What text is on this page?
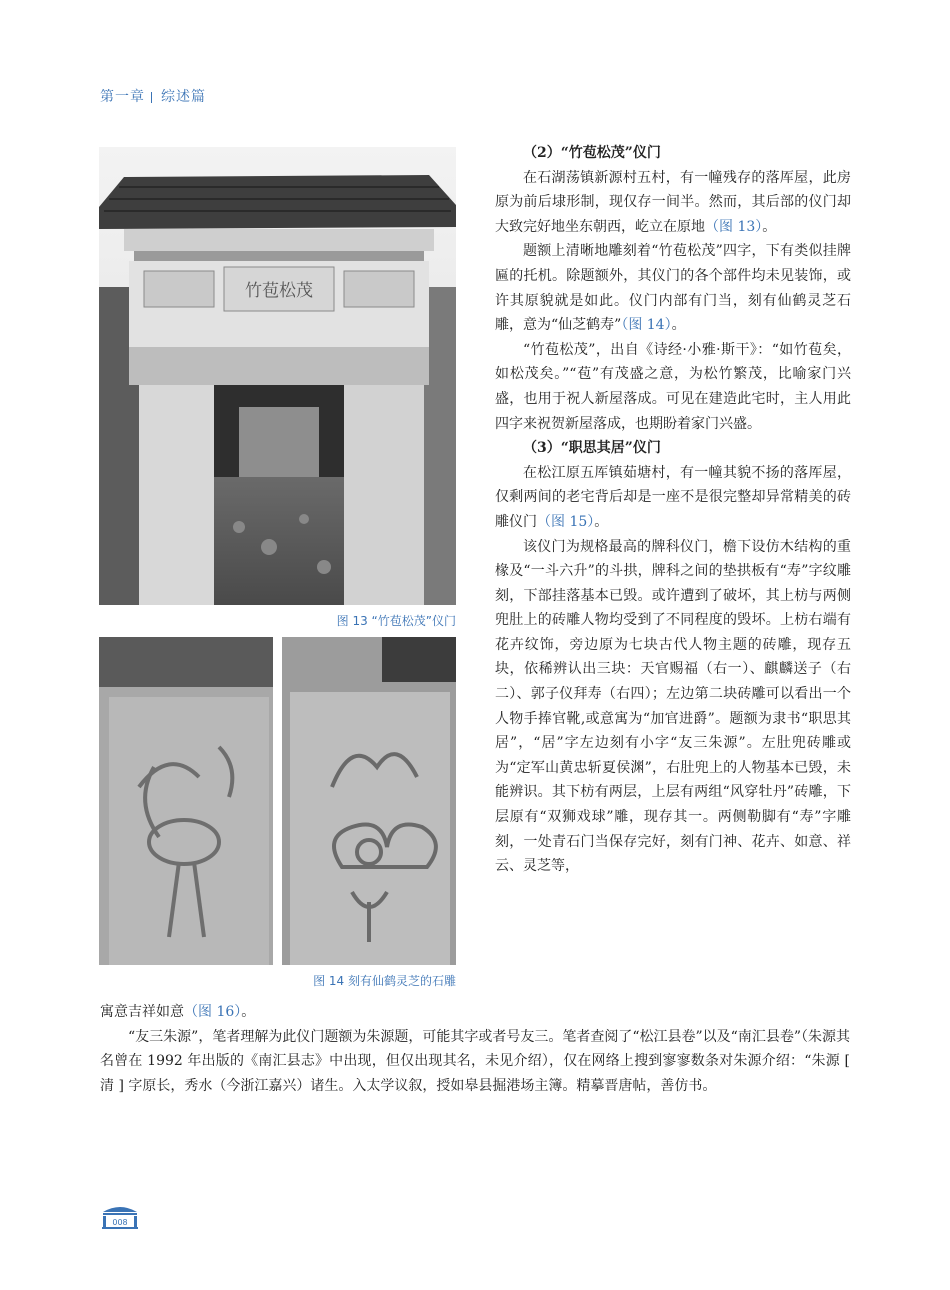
第一章 综述篇
竹苞松茂
图 13 “竹苞松茂”仪门
图 14 刻有仙鹤灵芝的石雕

（2）“竹苞松茂”仪门

在石湖荡镇新源村五村，有一幢残存的落厍屋，此房原为前后埭形制，现仅存一间半。然而，其后部的仪门却大致完好地坐东朝西，屹立在原地（图 13）。

题额上清晰地雕刻着“竹苞松茂”四字，下有类似挂牌匾的托机。除题额外，其仪门的各个部件均未见装饰，或许其原貌就是如此。仪门内部有门当，刻有仙鹤灵芝石雕，意为“仙芝鹤寿”（图 14）。

“竹苞松茂”，出自《诗经·小雅·斯干》：“如竹苞矣，如松茂矣。”“苞”有茂盛之意，为松竹繁茂，比喻家门兴盛，也用于祝人新屋落成。可见在建造此宅时，主人用此四字来祝贺新屋落成，也期盼着家门兴盛。

（3）“职思其居”仪门

在松江原五厍镇茹塘村，有一幢其貌不扬的落厍屋，仅剩两间的老宅背后却是一座不是很完整却异常精美的砖雕仪门（图 15）。

该仪门为规格最高的牌科仪门，檐下设仿木结构的重椽及“一斗六升”的斗拱，牌科之间的垫拱板有“寿”字纹雕刻，下部挂落基本已毁。或许遭到了破坏，其上枋与两侧兜肚上的砖雕人物均受到了不同程度的毁坏。上枋右端有花卉纹饰，旁边原为七块古代人物主题的砖雕，现存五块，依稀辨认出三块：天官赐福（右一）、麒麟送子（右二）、郭子仪拜寿（右四）；左边第二块砖雕可以看出一个人物手捧官靴,或意寓为“加官进爵”。题额为隶书“职思其居”，“居”字左边刻有小字“友三朱源”。左肚兜砖雕或为“定军山黄忠斩夏侯渊”，右肚兜上的人物基本已毁，未能辨识。其下枋有两层，上层有两组“风穿牡丹”砖雕，下层原有“双狮戏球”雕，现存其一。两侧勒脚有“寿”字雕刻，一处青石门当保存完好，刻有门神、花卉、如意、祥云、灵芝等，

寓意吉祥如意（图 16）。

“友三朱源”，笔者理解为此仪门题额为朱源题，可能其字或者号友三。笔者查阅了“松江县卷”以及“南汇县卷”（朱源其名曾在 1992 年出版的《南汇县志》中出现，但仅出现其名，未见介绍），仅在网络上搜到寥寥数条对朱源介绍：“朱源 [ 清 ] 字原长，秀水（今浙江嘉兴）诸生。入太学议叙，授如皋县掘港场主簿。精摹晋唐帖，善仿书。

008
